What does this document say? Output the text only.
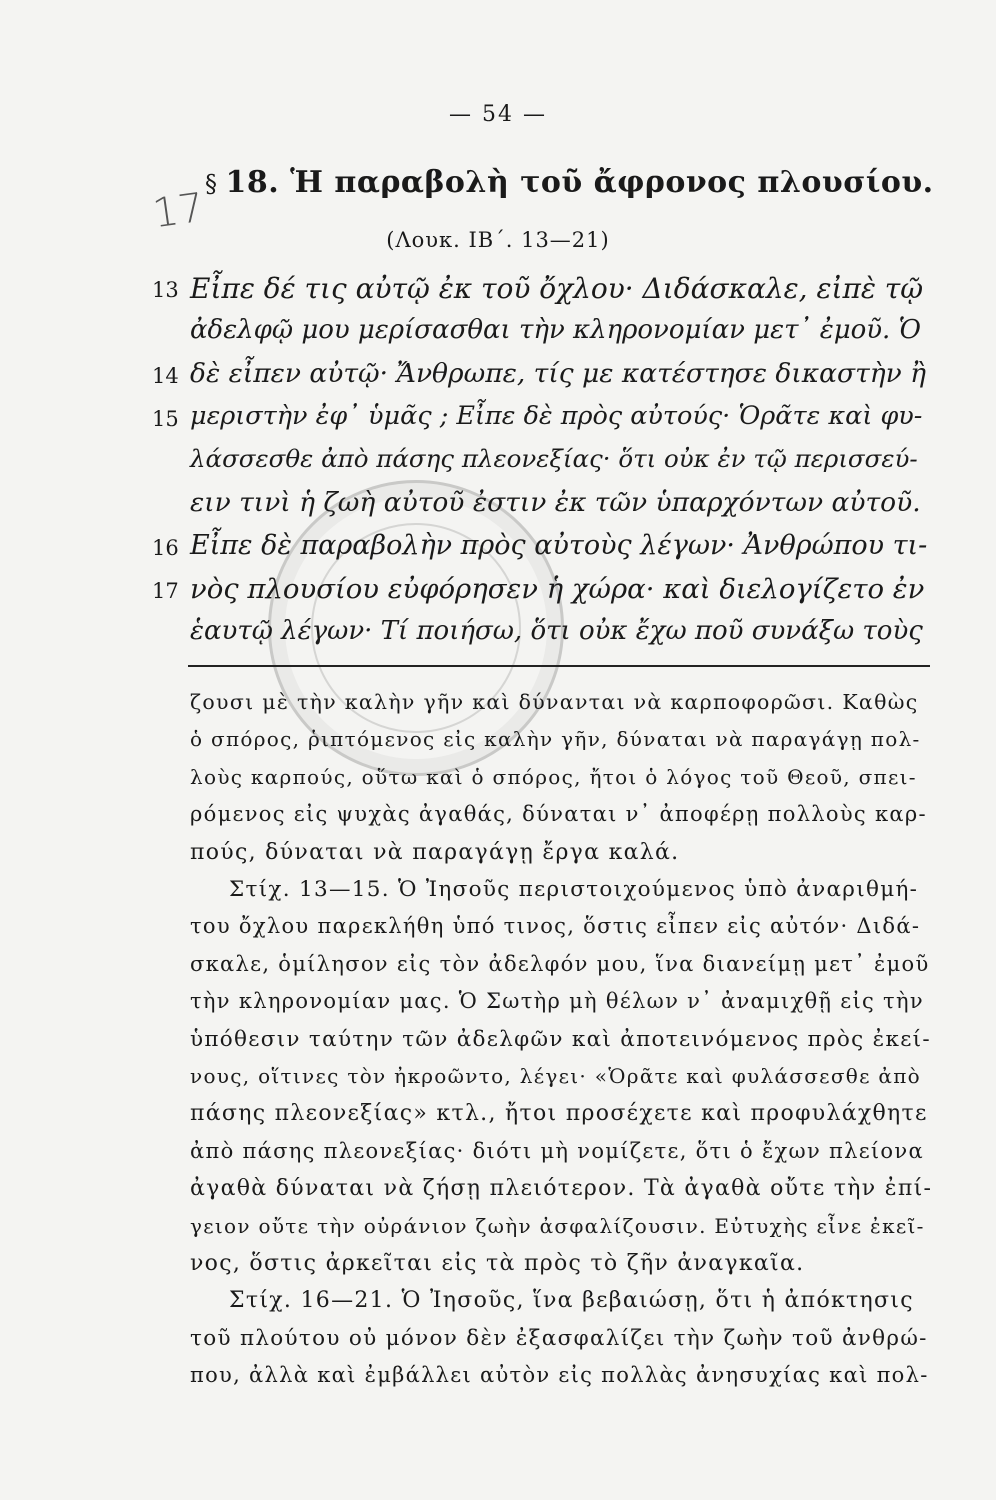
— 54 —
17
§ 18. Ἡ παραβολὴ τοῦ ἄφρονος πλουσίου.
(Λουκ. ΙΒ΄. 13—21)
13 Εἶπε δέ τις αὐτῷ ἐκ τοῦ ὄχλου· Διδάσκαλε, εἰπὲ τῷ
ἀδελφῷ μου μερίσασθαι τὴν κληρονομίαν μετ᾽ ἐμοῦ. Ὁ
14 δὲ εἶπεν αὐτῷ· Ἄνθρωπε, τίς με κατέστησε δικαστὴν ἢ
15 μεριστὴν ἐφ᾽ ὑμᾶς ; Εἶπε δὲ πρὸς αὐτούς· Ὁρᾶτε καὶ φυ-
λάσσεσθε ἀπὸ πάσης πλεονεξίας· ὅτι οὐκ ἐν τῷ περισσεύ-
ειν τινὶ ἡ ζωὴ αὐτοῦ ἐστιν ἐκ τῶν ὑπαρχόντων αὐτοῦ.
16 Εἶπε δὲ παραβολὴν πρὸς αὐτοὺς λέγων· Ἀνθρώπου τι-
17 νὸς πλουσίου εὐφόρησεν ἡ χώρα· καὶ διελογίζετο ἐν
ἑαυτῷ λέγων· Τί ποιήσω, ὅτι οὐκ ἔχω ποῦ συνάξω τοὺς
ζουσι μὲ τὴν καλὴν γῆν καὶ δύνανται νὰ καρποφορῶσι. Καθὼς
ὁ σπόρος, ῥιπτόμενος εἰς καλὴν γῆν, δύναται νὰ παραγάγῃ πολ-
λοὺς καρπούς, οὕτω καὶ ὁ σπόρος, ἤτοι ὁ λόγος τοῦ Θεοῦ, σπει-
ρόμενος εἰς ψυχὰς ἀγαθάς, δύναται ν᾽ ἀποφέρῃ πολλοὺς καρ-
πούς, δύναται νὰ παραγάγῃ ἔργα καλά.
Στίχ. 13—15. Ὁ Ἰησοῦς περιστοιχούμενος ὑπὸ ἀναριθμή-
του ὄχλου παρεκλήθη ὑπό τινος, ὅστις εἶπεν εἰς αὐτόν· Διδά-
σκαλε, ὁμίλησον εἰς τὸν ἀδελφόν μου, ἵνα διανείμῃ μετ᾽ ἐμοῦ
τὴν κληρονομίαν μας. Ὁ Σωτὴρ μὴ θέλων ν᾽ ἀναμιχθῇ εἰς τὴν
ὑπόθεσιν ταύτην τῶν ἀδελφῶν καὶ ἀποτεινόμενος πρὸς ἐκεί-
νους, οἵτινες τὸν ἠκροῶντο, λέγει· «Ὁρᾶτε καὶ φυλάσσεσθε ἀπὸ
πάσης πλεονεξίας» κτλ., ἤτοι προσέχετε καὶ προφυλάχθητε
ἀπὸ πάσης πλεονεξίας· διότι μὴ νομίζετε, ὅτι ὁ ἔχων πλείονα
ἀγαθὰ δύναται νὰ ζήσῃ πλειότερον. Τὰ ἀγαθὰ οὔτε τὴν ἐπί-
γειον οὔτε τὴν οὐράνιον ζωὴν ἀσφαλίζουσιν. Εὐτυχὴς εἶνε ἐκεῖ-
νος, ὅστις ἀρκεῖται εἰς τὰ πρὸς τὸ ζῆν ἀναγκαῖα.
Στίχ. 16—21. Ὁ Ἰησοῦς, ἵνα βεβαιώσῃ, ὅτι ἡ ἀπόκτησις
τοῦ πλούτου οὐ μόνον δὲν ἐξασφαλίζει τὴν ζωὴν τοῦ ἀνθρώ-
που, ἀλλὰ καὶ ἐμβάλλει αὐτὸν εἰς πολλὰς ἀνησυχίας καὶ πολ-
